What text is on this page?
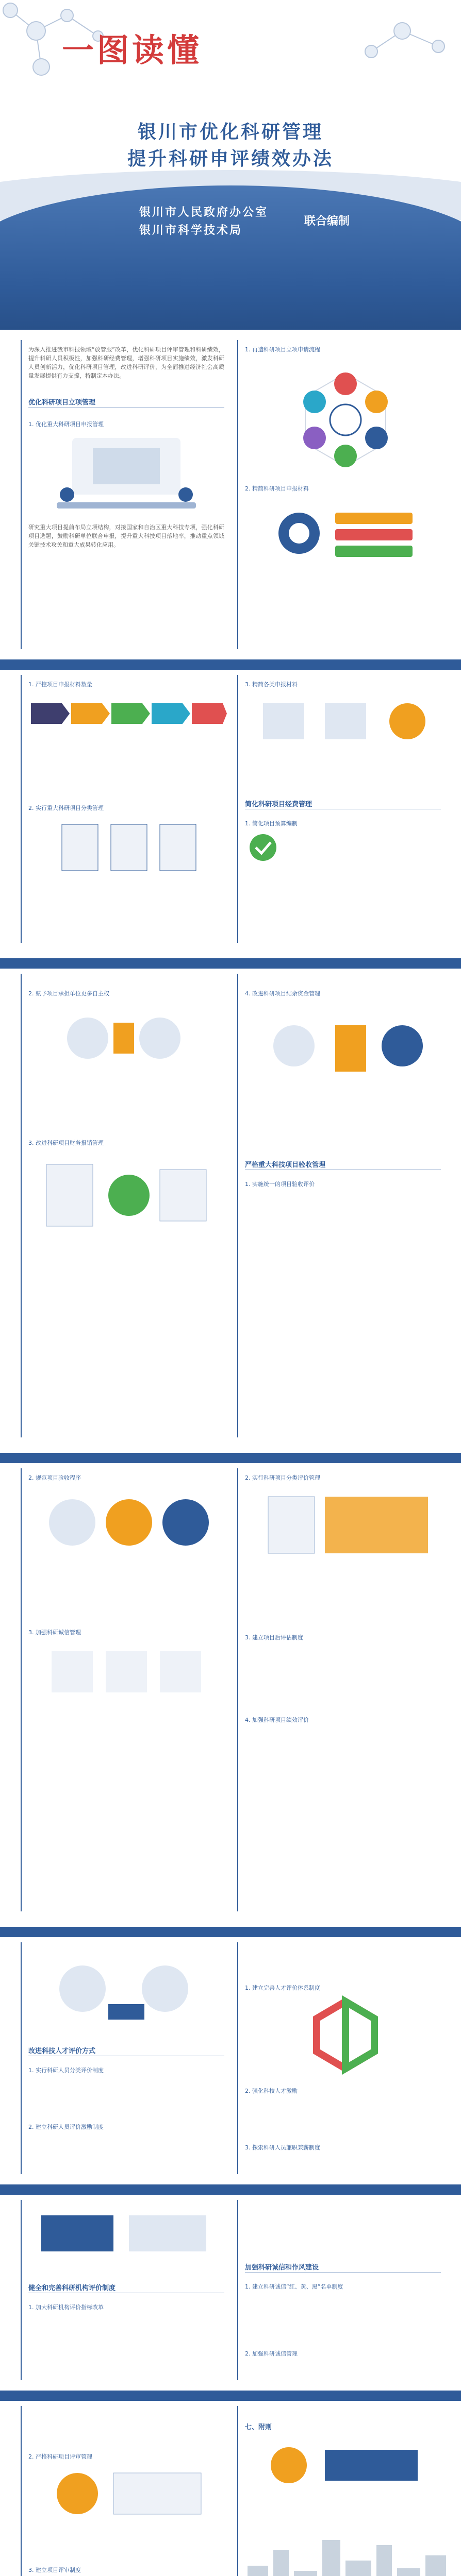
一图读懂
银川市优化科研管理
提升科研申评绩效办法
银川市人民政府办公室
银川市科学技术局
联合编制
为深入推进我市科技领域“放管服”改革，优化科研项目评审管理和科研绩效，提升科研人员积极性，加强科研经费管理，增强科研项目实施绩效，激发科研人员创新活力，优化科研项目管理，改进科研评价，为全面推进经济社会高质量发展提供有力支撑，特制定本办法。
优化科研项目立项管理
1. 优化重大科研项目申报管理
研究重大项目提前布局立项结构，对接国家和自治区重大科技专项，强化科研项目选题，鼓励科研单位联合申报，提升重大科技项目落地率，推动重点领域关键技术攻关和重大成果转化应用。
1. 再造科研项目立项申请流程
2. 精简科研项目申报材料
1. 严控项目申报材料数量
2. 实行重大科研项目分类管理
3. 精简各类申报材料
简化科研项目经费管理
1. 简化项目预算编制
2. 赋予项目承担单位更多自主权
3. 改进科研项目财务报销管理
4. 改进科研项目结余资金管理
严格重大科技项目验收管理
1. 实施统一的项目验收评价
2. 规范项目验收程序
3. 加强科研诚信管理
2. 实行科研项目分类评价管理
3. 建立项目后评估制度
4. 加强科研项目绩效评价
改进科技人才评价方式
1. 实行科研人员分类评价制度
2. 建立科研人员评价激励制度
1. 建立完善人才评价体系制度
2. 强化科技人才激励
3. 探索科研人员兼职兼薪制度
健全和完善科研机构评价制度
1. 加大科研机构评价指标改革
加强科研诚信和作风建设
1. 建立科研诚信“红、黄、黑”名单制度
2. 加强科研诚信管理
2. 严格科研项目评审管理
3. 建立项目评审制度
七、附则
